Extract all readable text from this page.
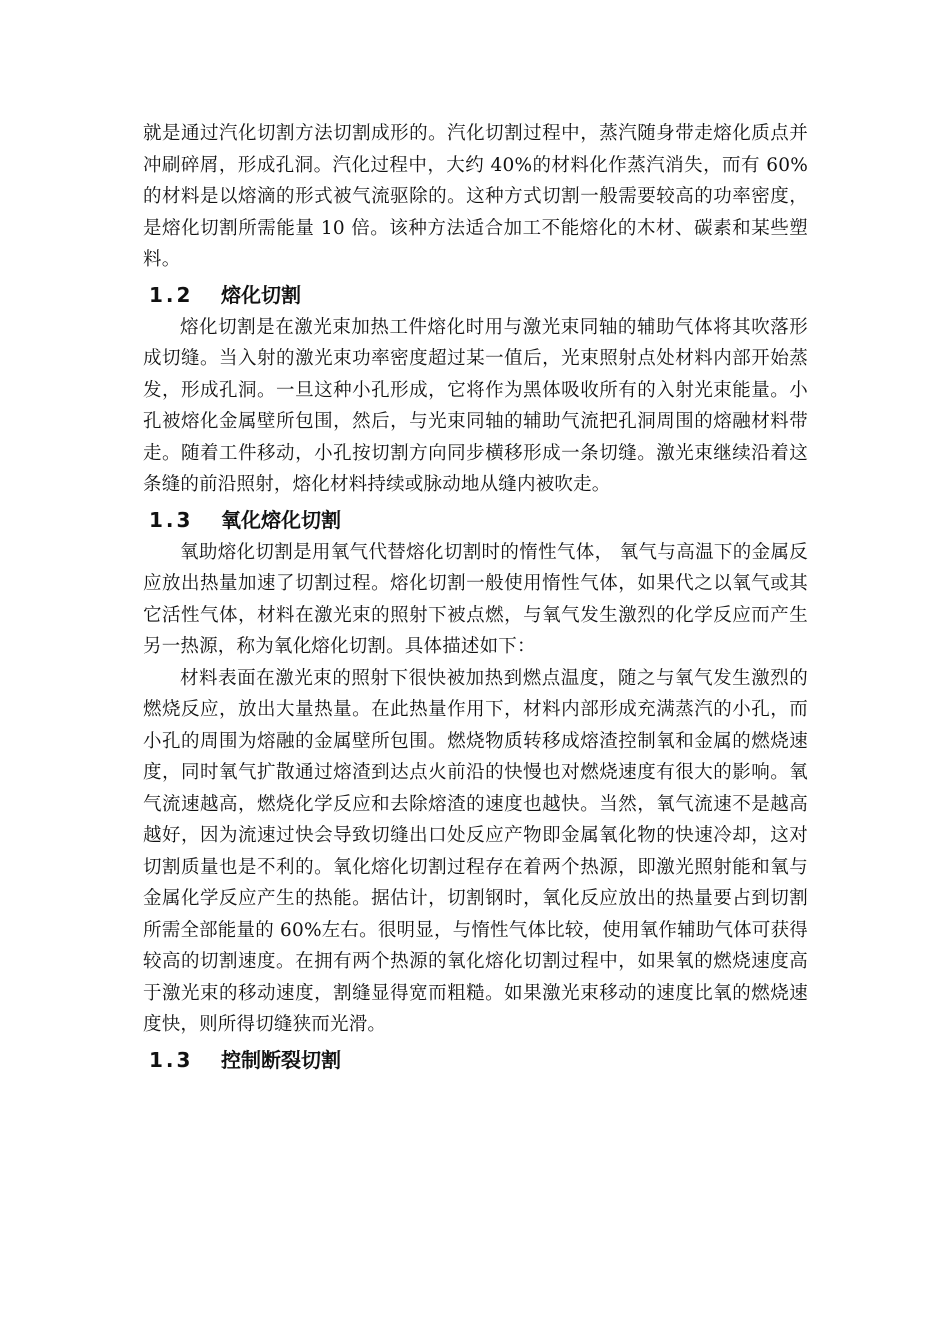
就是通过汽化切割方法切割成形的。汽化切割过程中，蒸汽随身带走熔化质点并冲刷碎屑，形成孔洞。汽化过程中，大约 40%的材料化作蒸汽消失，而有 60%的材料是以熔滴的形式被气流驱除的。这种方式切割一般需要较高的功率密度， 是熔化切割所需能量 10 倍。该种方法适合加工不能熔化的木材、碳素和某些塑料。

1.2	熔化切割

熔化切割是在激光束加热工件熔化时用与激光束同轴的辅助气体将其吹落形成切缝。当入射的激光束功率密度超过某一值后，光束照射点处材料内部开始蒸发，形成孔洞。一旦这种小孔形成，它将作为黑体吸收所有的入射光束能量。小孔被熔化金属壁所包围，然后，与光束同轴的辅助气流把孔洞周围的熔融材料带走。随着工件移动，小孔按切割方向同步横移形成一条切缝。激光束继续沿着这条缝的前沿照射，熔化材料持续或脉动地从缝内被吹走。

1.3	氧化熔化切割

氧助熔化切割是用氧气代替熔化切割时的惰性气体， 氧气与高温下的金属反应放出热量加速了切割过程。熔化切割一般使用惰性气体，如果代之以氧气或其它活性气体，材料在激光束的照射下被点燃，与氧气发生激烈的化学反应而产生另一热源，称为氧化熔化切割。具体描述如下：

材料表面在激光束的照射下很快被加热到燃点温度，随之与氧气发生激烈的燃烧反应，放出大量热量。在此热量作用下，材料内部形成充满蒸汽的小孔，而小孔的周围为熔融的金属壁所包围。燃烧物质转移成熔渣控制氧和金属的燃烧速度，同时氧气扩散通过熔渣到达点火前沿的快慢也对燃烧速度有很大的影响。氧气流速越高，燃烧化学反应和去除熔渣的速度也越快。当然，氧气流速不是越高越好，因为流速过快会导致切缝出口处反应产物即金属氧化物的快速冷却，这对切割质量也是不利的。氧化熔化切割过程存在着两个热源，即激光照射能和氧与金属化学反应产生的热能。据估计，切割钢时，氧化反应放出的热量要占到切割所需全部能量的 60%左右。很明显，与惰性气体比较，使用氧作辅助气体可获得较高的切割速度。在拥有两个热源的氧化熔化切割过程中，如果氧的燃烧速度高于激光束的移动速度，割缝显得宽而粗糙。如果激光束移动的速度比氧的燃烧速度快，则所得切缝狭而光滑。

1.3	控制断裂切割
